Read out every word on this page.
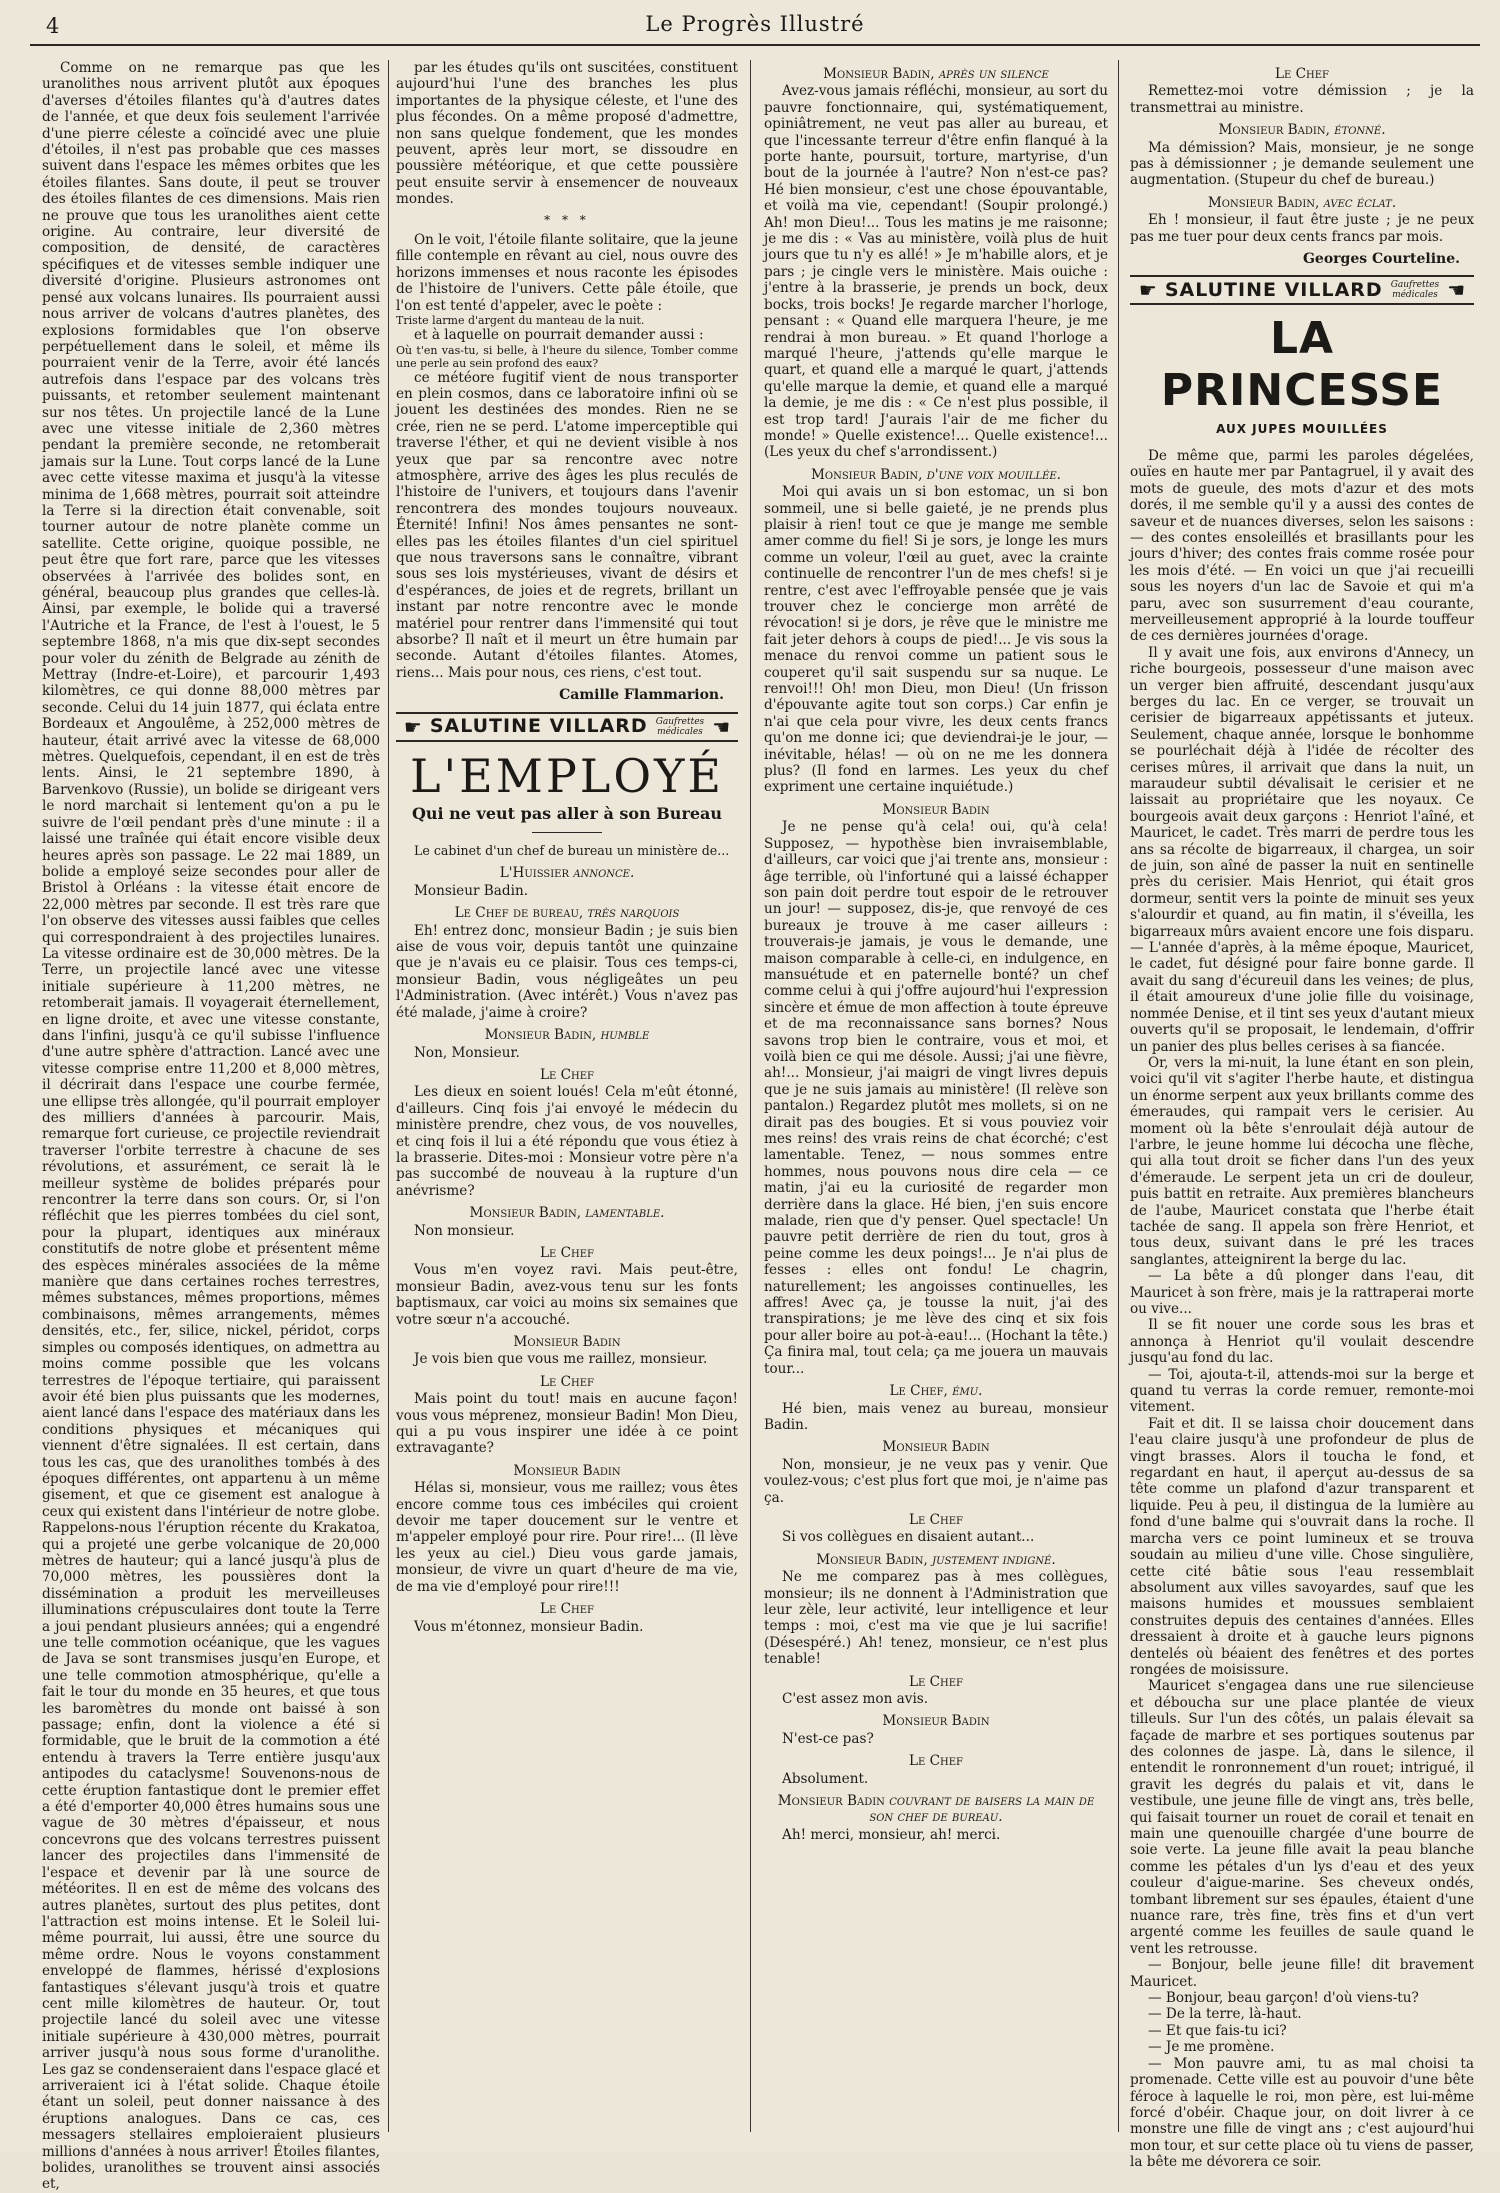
4	Le Progrès Illustré

Comme on ne remarque pas que les uranolithes nous arrivent plutôt aux époques d'averses d'étoiles filantes qu'à d'autres dates de l'année, et que deux fois seulement l'arrivée d'une pierre céleste a coïncidé avec une pluie d'étoiles, il n'est pas probable que ces masses suivent dans l'espace les mêmes orbites que les étoiles filantes. Sans doute, il peut se trouver des étoiles filantes de ces dimensions. Mais rien ne prouve que tous les uranolithes aient cette origine. Au contraire, leur diversité de composition, de densité, de caractères spécifiques et de vitesses semble indiquer une diversité d'origine. Plusieurs astronomes ont pensé aux volcans lunaires. Ils pourraient aussi nous arriver de volcans d'autres planètes, des explosions formidables que l'on observe perpétuellement dans le soleil, et même ils pourraient venir de la Terre, avoir été lancés autrefois dans l'espace par des volcans très puissants, et retomber seulement maintenant sur nos têtes. Un projectile lancé de la Lune avec une vitesse initiale de 2,360 mètres pendant la première seconde, ne retomberait jamais sur la Lune. Tout corps lancé de la Lune avec cette vitesse maxima et jusqu'à la vitesse minima de 1,668 mètres, pourrait soit atteindre la Terre si la direction était convenable, soit tourner autour de notre planète comme un satellite. Cette origine, quoique possible, ne peut être que fort rare, parce que les vitesses observées à l'arrivée des bolides sont, en général, beaucoup plus grandes que celles-là. Ainsi, par exemple, le bolide qui a traversé l'Autriche et la France, de l'est à l'ouest, le 5 septembre 1868, n'a mis que dix-sept secondes pour voler du zénith de Belgrade au zénith de Mettray (Indre-et-Loire), et parcourir 1,493 kilomètres, ce qui donne 88,000 mètres par seconde. Celui du 14 juin 1877, qui éclata entre Bordeaux et Angoulême, à 252,000 mètres de hauteur, était arrivé avec la vitesse de 68,000 mètres. Quelquefois, cependant, il en est de très lents. Ainsi, le 21 septembre 1890, à Barvenkovo (Russie), un bolide se dirigeant vers le nord marchait si lentement qu'on a pu le suivre de l'œil pendant près d'une minute : il a laissé une traînée qui était encore visible deux heures après son passage. Le 22 mai 1889, un bolide a employé seize secondes pour aller de Bristol à Orléans : la vitesse était encore de 22,000 mètres par seconde. Il est très rare que l'on observe des vitesses aussi faibles que celles qui correspondraient à des projectiles lunaires. La vitesse ordinaire est de 30,000 mètres. De la Terre, un projectile lancé avec une vitesse initiale supérieure à 11,200 mètres, ne retomberait jamais. Il voyagerait éternellement, en ligne droite, et avec une vitesse constante, dans l'infini, jusqu'à ce qu'il subisse l'influence d'une autre sphère d'attraction. Lancé avec une vitesse comprise entre 11,200 et 8,000 mètres, il décrirait dans l'espace une courbe fermée, une ellipse très allongée, qu'il pourrait employer des milliers d'années à parcourir. Mais, remarque fort curieuse, ce projectile reviendrait traverser l'orbite terrestre à chacune de ses révolutions, et assurément, ce serait là le meilleur système de bolides préparés pour rencontrer la terre dans son cours. Or, si l'on réfléchit que les pierres tombées du ciel sont, pour la plupart, identiques aux minéraux constitutifs de notre globe et présentent même des espèces minérales associées de la même manière que dans certaines roches terrestres, mêmes substances, mêmes proportions, mêmes combinaisons, mêmes arrangements, mêmes densités, etc., fer, silice, nickel, péridot, corps simples ou composés identiques, on admettra au moins comme possible que les volcans terrestres de l'époque tertiaire, qui paraissent avoir été bien plus puissants que les modernes, aient lancé dans l'espace des matériaux dans les conditions physiques et mécaniques qui viennent d'être signalées. Il est certain, dans tous les cas, que des uranolithes tombés à des époques différentes, ont appartenu à un même gisement, et que ce gisement est analogue à ceux qui existent dans l'intérieur de notre globe. Rappelons-nous l'éruption récente du Krakatoa, qui a projeté une gerbe volcanique de 20,000 mètres de hauteur; qui a lancé jusqu'à plus de 70,000 mètres, les poussières dont la dissémination a produit les merveilleuses illuminations crépusculaires dont toute la Terre a joui pendant plusieurs années; qui a engendré une telle commotion océanique, que les vagues de Java se sont transmises jusqu'en Europe, et une telle commotion atmosphérique, qu'elle a fait le tour du monde en 35 heures, et que tous les baromètres du monde ont baissé à son passage; enfin, dont la violence a été si formidable, que le bruit de la commotion a été entendu à travers la Terre entière jusqu'aux antipodes du cataclysme! Souvenons-nous de cette éruption fantastique dont le premier effet a été d'emporter 40,000 êtres humains sous une vague de 30 mètres d'épaisseur, et nous concevrons que des volcans terrestres puissent lancer des projectiles dans l'immensité de l'espace et devenir par là une source de météorites. Il en est de même des volcans des autres planètes, surtout des plus petites, dont l'attraction est moins intense. Et le Soleil lui-même pourrait, lui aussi, être une source du même ordre. Nous le voyons constamment enveloppé de flammes, hérissé d'explosions fantastiques s'élevant jusqu'à trois et quatre cent mille kilomètres de hauteur. Or, tout projectile lancé du soleil avec une vitesse initiale supérieure à 430,000 mètres, pourrait arriver jusqu'à nous sous forme d'uranolithe. Les gaz se condenseraient dans l'espace glacé et arriveraient ici à l'état solide. Chaque étoile étant un soleil, peut donner naissance à des éruptions analogues. Dans ce cas, ces messagers stellaires emploieraient plusieurs millions d'années à nous arriver! Étoiles filantes, bolides, uranolithes se trouvent ainsi associés et,

par les études qu'ils ont suscitées, constituent aujourd'hui l'une des branches les plus importantes de la physique céleste, et l'une des plus fécondes. On a même proposé d'admettre, non sans quelque fondement, que les mondes peuvent, après leur mort, se dissoudre en poussière météorique, et que cette poussière peut ensuite servir à ensemencer de nouveaux mondes.

* * *

On le voit, l'étoile filante solitaire, que la jeune fille contemple en rêvant au ciel, nous ouvre des horizons immenses et nous raconte les épisodes de l'histoire de l'univers. Cette pâle étoile, que l'on est tenté d'appeler, avec le poète :

Triste larme d'argent du manteau de la nuit.

et à laquelle on pourrait demander aussi :

Où t'en vas-tu, si belle, à l'heure du silence, Tomber comme une perle au sein profond des eaux?

ce météore fugitif vient de nous transporter en plein cosmos, dans ce laboratoire infini où se jouent les destinées des mondes. Rien ne se crée, rien ne se perd. L'atome imperceptible qui traverse l'éther, et qui ne devient visible à nos yeux que par sa rencontre avec notre atmosphère, arrive des âges les plus reculés de l'histoire de l'univers, et toujours dans l'avenir rencontrera des mondes toujours nouveaux. Éternité! Infini! Nos âmes pensantes ne sont-elles pas les étoiles filantes d'un ciel spirituel que nous traversons sans le connaître, vibrant sous ses lois mystérieuses, vivant de désirs et d'espérances, de joies et de regrets, brillant un instant par notre rencontre avec le monde matériel pour rentrer dans l'immensité qui tout absorbe? Il naît et il meurt un être humain par seconde. Autant d'étoiles filantes. Atomes, riens... Mais pour nous, ces riens, c'est tout.

Camille Flammarion.
☛ SALUTINE VILLARD Gaufrettes
médicales ☚
L'EMPLOYÉ
Qui ne veut pas aller à son Bureau
Le cabinet d'un chef de bureau un ministère de...
L'Huissier annonce.

Monsieur Badin.

Le Chef de bureau, très narquois

Eh! entrez donc, monsieur Badin ; je suis bien aise de vous voir, depuis tantôt une quinzaine que je n'avais eu ce plaisir. Tous ces temps-ci, monsieur Badin, vous négligeâtes un peu l'Administration. (Avec intérêt.) Vous n'avez pas été malade, j'aime à croire?

Monsieur Badin, humble

Non, Monsieur.

Le Chef

Les dieux en soient loués! Cela m'eût étonné, d'ailleurs. Cinq fois j'ai envoyé le médecin du ministère prendre, chez vous, de vos nouvelles, et cinq fois il lui a été répondu que vous étiez à la brasserie. Dites-moi : Monsieur votre père n'a pas succombé de nouveau à la rupture d'un anévrisme?

Monsieur Badin, lamentable.

Non monsieur.

Le Chef

Vous m'en voyez ravi. Mais peut-être, monsieur Badin, avez-vous tenu sur les fonts baptismaux, car voici au moins six semaines que votre sœur n'a accouché.

Monsieur Badin

Je vois bien que vous me raillez, monsieur.

Le Chef

Mais point du tout! mais en aucune façon! vous vous méprenez, monsieur Badin! Mon Dieu, qui a pu vous inspirer une idée à ce point extravagante?

Monsieur Badin

Hélas si, monsieur, vous me raillez; vous êtes encore comme tous ces imbéciles qui croient devoir me taper doucement sur le ventre et m'appeler employé pour rire. Pour rire!... (Il lève les yeux au ciel.) Dieu vous garde jamais, monsieur, de vivre un quart d'heure de ma vie, de ma vie d'employé pour rire!!!

Le Chef

Vous m'étonnez, monsieur Badin.

Monsieur Badin, après un silence

Avez-vous jamais réfléchi, monsieur, au sort du pauvre fonctionnaire, qui, systématiquement, opiniâtrement, ne veut pas aller au bureau, et que l'incessante terreur d'être enfin flanqué à la porte hante, poursuit, torture, martyrise, d'un bout de la journée à l'autre? Non n'est-ce pas? Hé bien monsieur, c'est une chose épouvantable, et voilà ma vie, cependant! (Soupir prolongé.) Ah! mon Dieu!... Tous les matins je me raisonne; je me dis : « Vas au ministère, voilà plus de huit jours que tu n'y es allé! » Je m'habille alors, et je pars ; je cingle vers le ministère. Mais ouiche : j'entre à la brasserie, je prends un bock, deux bocks, trois bocks! Je regarde marcher l'horloge, pensant : « Quand elle marquera l'heure, je me rendrai à mon bureau. » Et quand l'horloge a marqué l'heure, j'attends qu'elle marque le quart, et quand elle a marqué le quart, j'attends qu'elle marque la demie, et quand elle a marqué la demie, je me dis : « Ce n'est plus possible, il est trop tard! J'aurais l'air de me ficher du monde! » Quelle existence!... Quelle existence!... (Les yeux du chef s'arrondissent.)

Monsieur Badin, d'une voix mouillée.

Moi qui avais un si bon estomac, un si bon sommeil, une si belle gaieté, je ne prends plus plaisir à rien! tout ce que je mange me semble amer comme du fiel! Si je sors, je longe les murs comme un voleur, l'œil au guet, avec la crainte continuelle de rencontrer l'un de mes chefs! si je rentre, c'est avec l'effroyable pensée que je vais trouver chez le concierge mon arrêté de révocation! si je dors, je rêve que le ministre me fait jeter dehors à coups de pied!... Je vis sous la menace du renvoi comme un patient sous le couperet qu'il sait suspendu sur sa nuque. Le renvoi!!! Oh! mon Dieu, mon Dieu! (Un frisson d'épouvante agite tout son corps.) Car enfin je n'ai que cela pour vivre, les deux cents francs qu'on me donne ici; que deviendrai-je le jour, — inévitable, hélas! — où on ne me les donnera plus? (Il fond en larmes. Les yeux du chef expriment une certaine inquiétude.)

Monsieur Badin

Je ne pense qu'à cela! oui, qu'à cela! Supposez, — hypothèse bien invraisemblable, d'ailleurs, car voici que j'ai trente ans, monsieur : âge terrible, où l'infortuné qui a laissé échapper son pain doit perdre tout espoir de le retrouver un jour! — supposez, dis-je, que renvoyé de ces bureaux je trouve à me caser ailleurs : trouverais-je jamais, je vous le demande, une maison comparable à celle-ci, en indulgence, en mansuétude et en paternelle bonté? un chef comme celui à qui j'offre aujourd'hui l'expression sincère et émue de mon affection à toute épreuve et de ma reconnaissance sans bornes? Nous savons trop bien le contraire, vous et moi, et voilà bien ce qui me désole. Aussi; j'ai une fièvre, ah!... Monsieur, j'ai maigri de vingt livres depuis que je ne suis jamais au ministère! (Il relève son pantalon.) Regardez plutôt mes mollets, si on ne dirait pas des bougies. Et si vous pouviez voir mes reins! des vrais reins de chat écorché; c'est lamentable. Tenez, — nous sommes entre hommes, nous pouvons nous dire cela — ce matin, j'ai eu la curiosité de regarder mon derrière dans la glace. Hé bien, j'en suis encore malade, rien que d'y penser. Quel spectacle! Un pauvre petit derrière de rien du tout, gros à peine comme les deux poings!... Je n'ai plus de fesses : elles ont fondu! Le chagrin, naturellement; les angoisses continuelles, les affres! Avec ça, je tousse la nuit, j'ai des transpirations; je me lève des cinq et six fois pour aller boire au pot-à-eau!... (Hochant la tête.) Ça finira mal, tout cela; ça me jouera un mauvais tour...

Le Chef, ému.

Hé bien, mais venez au bureau, monsieur Badin.

Monsieur Badin

Non, monsieur, je ne veux pas y venir. Que voulez-vous; c'est plus fort que moi, je n'aime pas ça.

Le Chef

Si vos collègues en disaient autant...

Monsieur Badin, justement indigné.

Ne me comparez pas à mes collègues, monsieur; ils ne donnent à l'Administration que leur zèle, leur activité, leur intelligence et leur temps : moi, c'est ma vie que je lui sacrifie! (Désespéré.) Ah! tenez, monsieur, ce n'est plus tenable!

Le Chef

C'est assez mon avis.

Monsieur Badin

N'est-ce pas?

Le Chef

Absolument.

Monsieur Badin couvrant de baisers la main de son chef de bureau.

Ah! merci, monsieur, ah! merci.

Le Chef

Remettez-moi votre démission ; je la transmettrai au ministre.

Monsieur Badin, étonné.

Ma démission? Mais, monsieur, je ne songe pas à démissionner ; je demande seulement une augmentation. (Stupeur du chef de bureau.)

Monsieur Badin, avec éclat.

Eh ! monsieur, il faut être juste ; je ne peux pas me tuer pour deux cents francs par mois.

Georges Courteline.
☛ SALUTINE VILLARD Gaufrettes
médicales ☚
LA PRINCESSE
AUX JUPES MOUILLÉES

De même que, parmi les paroles dégelées, ouïes en haute mer par Pantagruel, il y avait des mots de gueule, des mots d'azur et des mots dorés, il me semble qu'il y a aussi des contes de saveur et de nuances diverses, selon les saisons : — des contes ensoleillés et brasillants pour les jours d'hiver; des contes frais comme rosée pour les mois d'été. — En voici un que j'ai recueilli sous les noyers d'un lac de Savoie et qui m'a paru, avec son susurrement d'eau courante, merveilleusement approprié à la lourde touffeur de ces dernières journées d'orage.

Il y avait une fois, aux environs d'Annecy, un riche bourgeois, possesseur d'une maison avec un verger bien affruité, descendant jusqu'aux berges du lac. En ce verger, se trouvait un cerisier de bigarreaux appétissants et juteux. Seulement, chaque année, lorsque le bonhomme se pourléchait déjà à l'idée de récolter des cerises mûres, il arrivait que dans la nuit, un maraudeur subtil dévalisait le cerisier et ne laissait au propriétaire que les noyaux. Ce bourgeois avait deux garçons : Henriot l'aîné, et Mauricet, le cadet. Très marri de perdre tous les ans sa récolte de bigarreaux, il chargea, un soir de juin, son aîné de passer la nuit en sentinelle près du cerisier. Mais Henriot, qui était gros dormeur, sentit vers la pointe de minuit ses yeux s'alourdir et quand, au fin matin, il s'éveilla, les bigarreaux mûrs avaient encore une fois disparu. — L'année d'après, à la même époque, Mauricet, le cadet, fut désigné pour faire bonne garde. Il avait du sang d'écureuil dans les veines; de plus, il était amoureux d'une jolie fille du voisinage, nommée Denise, et il tint ses yeux d'autant mieux ouverts qu'il se proposait, le lendemain, d'offrir un panier des plus belles cerises à sa fiancée.

Or, vers la mi-nuit, la lune étant en son plein, voici qu'il vit s'agiter l'herbe haute, et distingua un énorme serpent aux yeux brillants comme des émeraudes, qui rampait vers le cerisier. Au moment où la bête s'enroulait déjà autour de l'arbre, le jeune homme lui décocha une flèche, qui alla tout droit se ficher dans l'un des yeux d'émeraude. Le serpent jeta un cri de douleur, puis battit en retraite. Aux premières blancheurs de l'aube, Mauricet constata que l'herbe était tachée de sang. Il appela son frère Henriot, et tous deux, suivant dans le pré les traces sanglantes, atteignirent la berge du lac.

— La bête a dû plonger dans l'eau, dit Mauricet à son frère, mais je la rattraperai morte ou vive...

Il se fit nouer une corde sous les bras et annonça à Henriot qu'il voulait descendre jusqu'au fond du lac.

— Toi, ajouta-t-il, attends-moi sur la berge et quand tu verras la corde remuer, remonte-moi vitement.

Fait et dit. Il se laissa choir doucement dans l'eau claire jusqu'à une profondeur de plus de vingt brasses. Alors il toucha le fond, et regardant en haut, il aperçut au-dessus de sa tête comme un plafond d'azur transparent et liquide. Peu à peu, il distingua de la lumière au fond d'une balme qui s'ouvrait dans la roche. Il marcha vers ce point lumineux et se trouva soudain au milieu d'une ville. Chose singulière, cette cité bâtie sous l'eau ressemblait absolument aux villes savoyardes, sauf que les maisons humides et moussues semblaient construites depuis des centaines d'années. Elles dressaient à droite et à gauche leurs pignons dentelés où béaient des fenêtres et des portes rongées de moisissure.

Mauricet s'engagea dans une rue silencieuse et déboucha sur une place plantée de vieux tilleuls. Sur l'un des côtés, un palais élevait sa façade de marbre et ses portiques soutenus par des colonnes de jaspe. Là, dans le silence, il entendit le ronronnement d'un rouet; intrigué, il gravit les degrés du palais et vit, dans le vestibule, une jeune fille de vingt ans, très belle, qui faisait tourner un rouet de corail et tenait en main une quenouille chargée d'une bourre de soie verte. La jeune fille avait la peau blanche comme les pétales d'un lys d'eau et des yeux couleur d'aigue-marine. Ses cheveux ondés, tombant librement sur ses épaules, étaient d'une nuance rare, très fine, très fins et d'un vert argenté comme les feuilles de saule quand le vent les retrousse.

— Bonjour, belle jeune fille! dit bravement Mauricet.

— Bonjour, beau garçon! d'où viens-tu?

— De la terre, là-haut.

— Et que fais-tu ici?

— Je me promène.

— Mon pauvre ami, tu as mal choisi ta promenade. Cette ville est au pouvoir d'une bête féroce à laquelle le roi, mon père, est lui-même forcé d'obéir. Chaque jour, on doit livrer à ce monstre une fille de vingt ans ; c'est aujourd'hui mon tour, et sur cette place où tu viens de passer, la bête me dévorera ce soir.
